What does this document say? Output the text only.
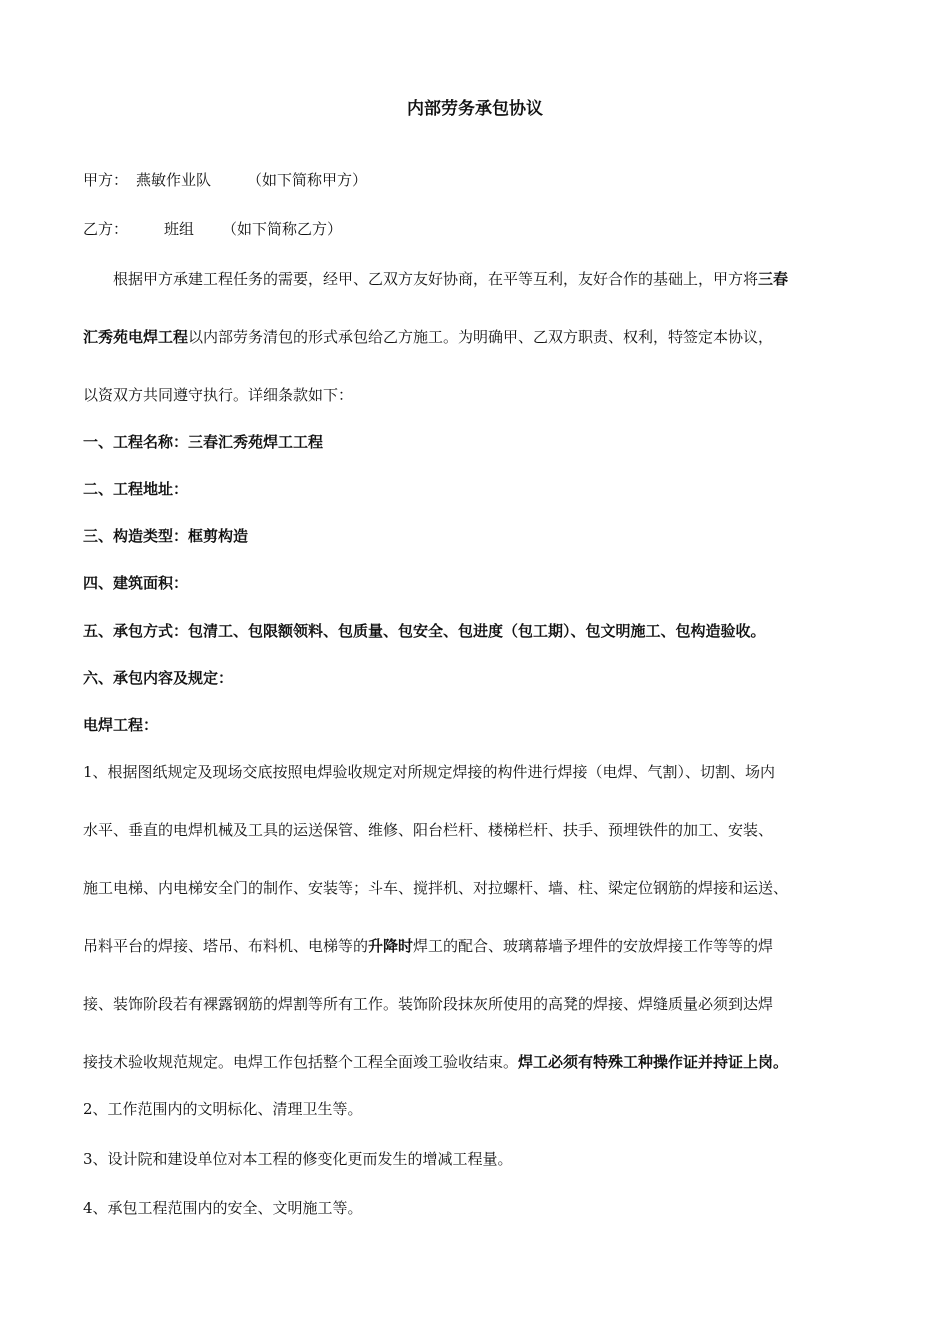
内部劳务承包协议
甲方： 燕敏作业队 （如下简称甲方）
乙方： 班组 （如下简称乙方）
根据甲方承建工程任务的需要，经甲、乙双方友好协商，在平等互利，友好合作的基础上，甲方将三春
汇秀苑电焊工程以内部劳务清包的形式承包给乙方施工。为明确甲、乙双方职责、权利，特签定本协议，
以资双方共同遵守执行。详细条款如下：
一、工程名称：三春汇秀苑焊工工程
二、工程地址：
三、构造类型：框剪构造
四、建筑面积：
五、承包方式：包清工、包限额领料、包质量、包安全、包进度（包工期）、包文明施工、包构造验收。
六、承包内容及规定：
电焊工程：
1、根据图纸规定及现场交底按照电焊验收规定对所规定焊接的构件进行焊接（电焊、气割）、切割、场内
水平、垂直的电焊机械及工具的运送保管、维修、阳台栏杆、楼梯栏杆、扶手、预埋铁件的加工、安装、
施工电梯、内电梯安全门的制作、安装等；斗车、搅拌机、对拉螺杆、墙、柱、梁定位钢筋的焊接和运送、
吊料平台的焊接、塔吊、布料机、电梯等的升降时焊工的配合、玻璃幕墙予埋件的安放焊接工作等等的焊
接、装饰阶段若有裸露钢筋的焊割等所有工作。装饰阶段抹灰所使用的高凳的焊接、焊缝质量必须到达焊
接技术验收规范规定。电焊工作包括整个工程全面竣工验收结束。焊工必须有特殊工种操作证并持证上岗。
2、工作范围内的文明标化、清理卫生等。
3、设计院和建设单位对本工程的修变化更而发生的增减工程量。
4、承包工程范围内的安全、文明施工等。
